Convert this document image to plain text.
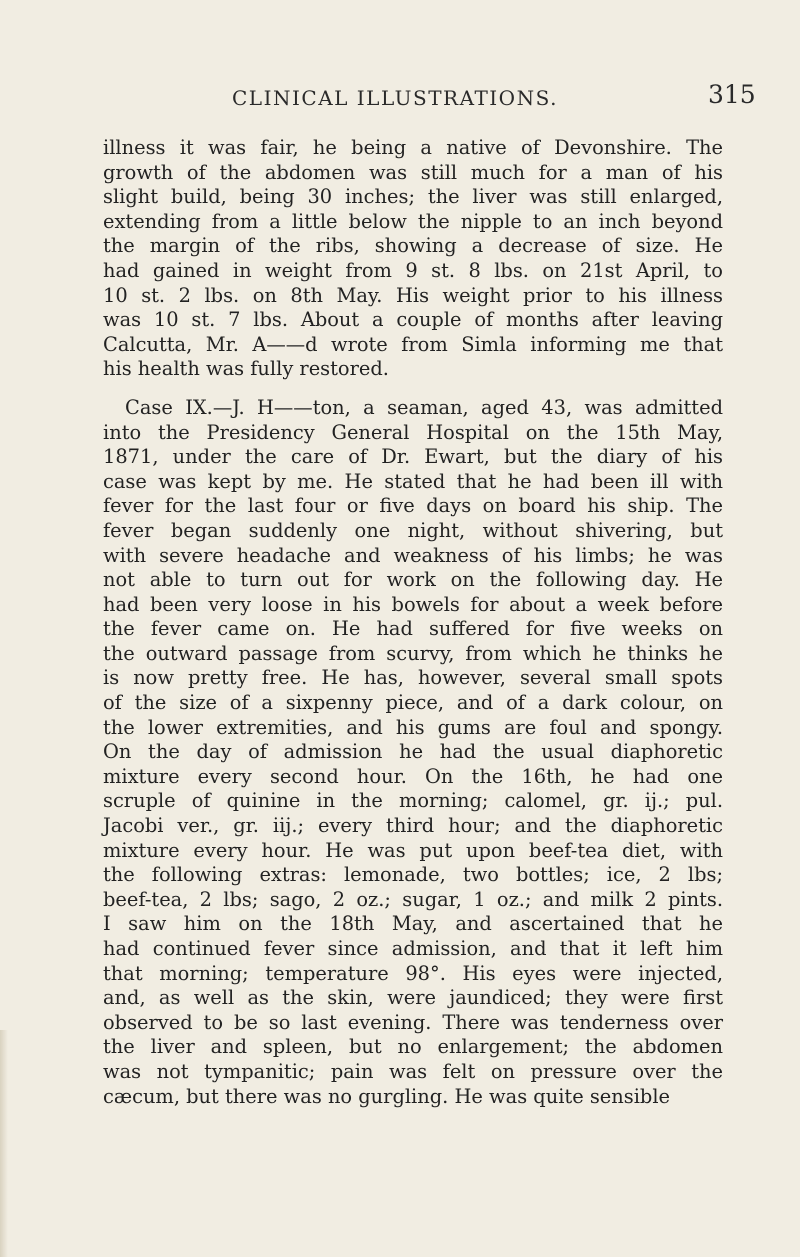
CLINICAL ILLUSTRATIONS.	315
illness it was fair, he being a native of Devonshire. The
growth of the abdomen was still much for a man of his
slight build, being 30 inches; the liver was still enlarged,
extending from a little below the nipple to an inch beyond
the margin of the ribs, showing a decrease of size. He
had gained in weight from 9 st. 8 lbs. on 21st April, to
10 st. 2 lbs. on 8th May. His weight prior to his illness
was 10 st. 7 lbs. About a couple of months after leaving
Calcutta, Mr. A——d wrote from Simla informing me that
his health was fully restored.
Case IX.—J. H——ton, a seaman, aged 43, was admitted
into the Presidency General Hospital on the 15th May,
1871, under the care of Dr. Ewart, but the diary of his
case was kept by me. He stated that he had been ill with
fever for the last four or five days on board his ship. The
fever began suddenly one night, without shivering, but
with severe headache and weakness of his limbs; he was
not able to turn out for work on the following day. He
had been very loose in his bowels for about a week before
the fever came on. He had suffered for five weeks on
the outward passage from scurvy, from which he thinks he
is now pretty free. He has, however, several small spots
of the size of a sixpenny piece, and of a dark colour, on
the lower extremities, and his gums are foul and spongy.
On the day of admission he had the usual diaphoretic
mixture every second hour. On the 16th, he had one
scruple of quinine in the morning; calomel, gr. ij.; pul.
Jacobi ver., gr. iij.; every third hour; and the diaphoretic
mixture every hour. He was put upon beef-tea diet, with
the following extras: lemonade, two bottles; ice, 2 lbs;
beef-tea, 2 lbs; sago, 2 oz.; sugar, 1 oz.; and milk 2 pints.
I saw him on the 18th May, and ascertained that he
had continued fever since admission, and that it left him
that morning; temperature 98°. His eyes were injected,
and, as well as the skin, were jaundiced; they were first
observed to be so last evening. There was tenderness over
the liver and spleen, but no enlargement; the abdomen
was not tympanitic; pain was felt on pressure over the
cæcum, but there was no gurgling. He was quite sensible
